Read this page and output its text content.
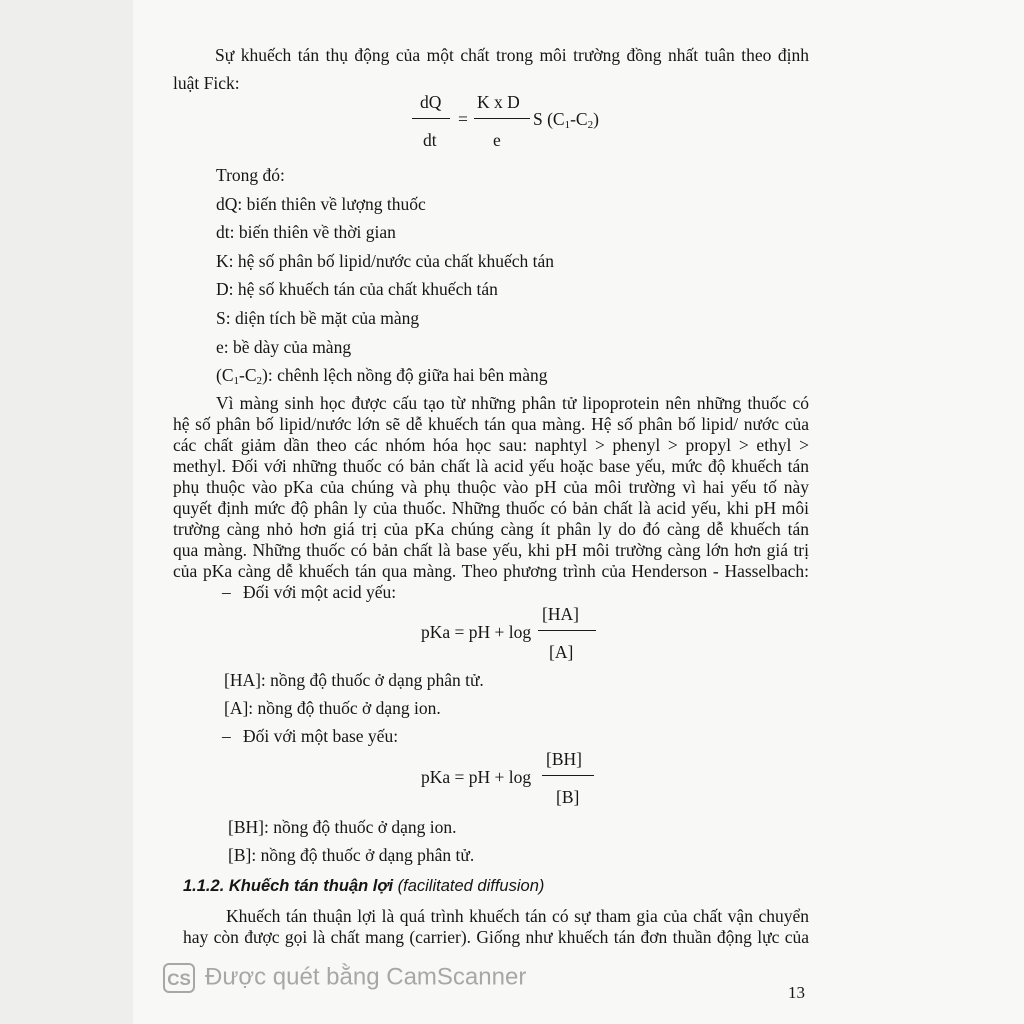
Sự khuếch tán thụ động của một chất trong môi trường đồng nhất tuân theo định
luật Fick:
dQ
dt
=
K x D
e
S $(C_1-C_2)$
Trong đó:
dQ: biến thiên về lượng thuốc
dt: biến thiên về thời gian
K: hệ số phân bố lipid/nước của chất khuếch tán
D: hệ số khuếch tán của chất khuếch tán
S: diện tích bề mặt của màng
e: bề dày của màng
$(C_1-C_2)$: chênh lệch nồng độ giữa hai bên màng
Vì màng sinh học được cấu tạo từ những phân tử lipoprotein nên những thuốc có
hệ số phân bố lipid/nước lớn sẽ dễ khuếch tán qua màng. Hệ số phân bố lipid/ nước của
các chất giảm dần theo các nhóm hóa học sau: naphtyl > phenyl > propyl > ethyl >
methyl. Đối với những thuốc có bản chất là acid yếu hoặc base yếu, mức độ khuếch tán
phụ thuộc vào pKa của chúng và phụ thuộc vào pH của môi trường vì hai yếu tố này
quyết định mức độ phân ly của thuốc. Những thuốc có bản chất là acid yếu, khi pH môi
trường càng nhỏ hơn giá trị của pKa chúng càng ít phân ly do đó càng dễ khuếch tán
qua màng. Những thuốc có bản chất là base yếu, khi pH môi trường càng lớn hơn giá trị
của pKa càng dễ khuếch tán qua màng. Theo phương trình của Henderson - Hasselbach:
– Đối với một acid yếu:
[HA]
pKa = pH + log
[A]
[HA]: nồng độ thuốc ở dạng phân tử.
[A]: nồng độ thuốc ở dạng ion.
– Đối với một base yếu:
[BH]
pKa = pH + log
[B]
[BH]: nồng độ thuốc ở dạng ion.
[B]: nồng độ thuốc ở dạng phân tử.
1.1.2. Khuếch tán thuận lợi (facilitated diffusion)
Khuếch tán thuận lợi là quá trình khuếch tán có sự tham gia của chất vận chuyển
hay còn được gọi là chất mang (carrier). Giống như khuếch tán đơn thuần động lực của
CS Được quét bằng CamScanner
13
